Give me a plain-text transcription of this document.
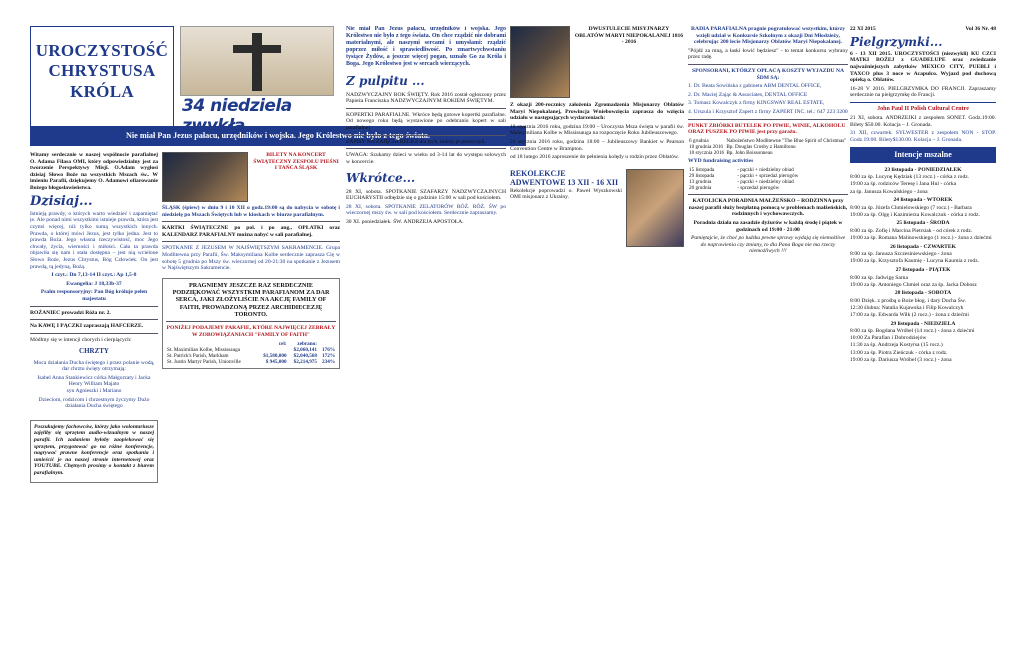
UROCZYSTOŚĆ CHRYSTUSA KRÓLA
34 niedziela
Nie miał Pan Jezus pałacu, urzędników i wojska. Jego Królestwo nie było z tego świata.

Witamy serdecznie w naszej wspólnocie parafialnej O. Adama Filasa OMI, który odpowiedzialny jest za tworzenie Perspektywy Misji. O.Adam wygłosi dzisiaj Słowo Boże na wszystkich Mszach św.. W imieniu Parafii, dziękujemy O. Adamowi ofiarowanie Bożego błogosławieństwa.

Dzisiaj...

Istnieją prawdy, o których warto wiedzieć i zapamiętać je. Ale ponad nimi wszystkimi istnieje prawda, która jest czymś więcej, niż tylko sumą wszystkich innych. Prawda, o której mówi Jezus, jest tylko jedna. Jest to prawda Boża. Jego własna rzeczywistość, moc Jego chwały, życia, wierności i miłości. Cała ta prawda objawiła się nam i stała dostępna – jest nią wcielone Słowo Boże, Jezus Chrystus, Bóg Człowiek. On jest prawdą, tą jedyną, Bożą.

I czyt.: Dn 7,13-14 II czyt.: Ap 1,5-8

Ewangelia: J 18,33b-37

Psalm responsoryjny: Pan Bóg króluje pełen majestatu

ROŻANIEC prowadzi Róża nr. 2.

Na KAWĘ I PĄCZKI zapraszają HAFCERZE.

Módlmy się w intencji chorych i cierpiących:

CHRZTY

Moca działania Ducha świętego i przez polanie wodą, dar chrztu święty otrzymają:

Isabel Anna Stankiewicz córka Małgorzaty i Jacka
Henry William Majato
syn Agnieszki i Mariano

Dzieciom, rodzicom i chrzestnym życzymy Dużo działania Ducha świętego

Poszukujemy fachowców, którzy jako wolontariusze zajęliby się sprzętem audio-wizualnym w naszej parafii. Ich zadaniem byłoby zaopiekować się sprzętem, przygotować go na różne konferencje, nagrywać prawne konferencje oraz spotkania i umieścić je na naszej stronie internetowej oraz YOUTUBE. Chętnych prosimy o kontakt z biurem parafialnym.

BILETY NA KONCERT ŚWIĄTECZNY ZESPOŁU PIEŚNI I TAŃCA ŚLĄSK

ŚLĄSK (śpiew) w dniu 9 i 10 XII o godz.19:00 są do nabycia w sobotę i niedzielę po Mszach Świętych lub w kioskach w biurze parafialnym.

KARTKI ŚWIĄTECZNE po pol. i po ang., OPŁATKI oraz KALENDARZ PARAFIALNY można nabyć w sali parafialnej.

SPOTKANIE Z JEZUSEM W NAJŚWIĘTSZYM SAKRAMENCIE. Grupa Modlitewna przy Parafii, Św. Maksymiliana Kolbe serdecznie zaprasza Cię w sobotę 5 grudnia po Mszy św. wieczornej od 20-21:30 na spotkanie z Jezusem w Najświętszym Sakramencie.

PRAGNIEMY JESZCZE RAZ SERDECZNIE PODZIĘKOWAĆ WSZYSTKIM PARAFIANOM ZA DAR SERCA, JAKI ZŁOŻYLIŚCIE NA AKCJĘ FAMILY OF FAITH, PROWADZONĄ PRZEZ ARCHIDIECEZJĘ TORONTO.

PONIŻEJ PODAJEMY PARAFIE, KTÓRE NAJWIĘCEJ ZEBRAŁY W ZOBOWIĄZANIACH "FAMILY OF FAITH"

	cel:	zebrano:	
St. Maximilian Kolbe, Mississauga		$2,060,141	176%
St. Patrick's Parish, Markham	$1,580,000	$2,040,568	172%
St. Justin Martyr Parish, Unionville	$ 945,000	$2,214,975	234%

Nie miał Pan Jezus pałacu, urzędników i wojska. Jego Królestwo nie było z tego świata. On chce rządzić nie dobrami materialnymi, ale naszymi sercami i umysłami: rządzić poprzez miłość i sprawiedliwość. Po zmartwychwstaniu tysiące Żydów, a jeszcze więcej pogan, uznało Go za Króla i Boga. Jego Królestwo jest w sercach wierzących.

Z pulpitu ...

NADZWYCZAJNY ROK ŚWIĘTY. Rok 2016 został ogłoszony przez Papieża Franciszka NADZWYCZAJNYM ROKIEM ŚWIĘTYM.

KOPERTKI PARAFIALNE. Wkróce będą gotowe kopertki parafialne. Od nowego roku będą wystawione po odebraniu kopert w sali parafialnej.

ZAPISY NA ZAJĘCIA RELIGI dla tych, którzy je przeoczyli.

UWAGA: Szukamy dzieci w wieku od 3-14 lat do występu solowych w koncercie.

Wkrótce...

28 XI, sobota. SPOTKANIE SZAFARZY NADZWYCZAJNYCH EUCHARYSTII odbędzie się o godzinie 15:00 w sali pod kościołem.

28 XI, sobota. SPOTKANIE ZELATORÓW RÓŻ. RÓŻ. ŚW po wieczornej mszy św. w sali pod kościołem. Serdecznie zapraszamy.

30 XI. poniedziałek. ŚW. ANDRZEJA APOSTOŁA.

DWUSTULECIE MISYJNARZY OBLATÓW MARYI NIEPOKALANEJ 1816 - 2016

Z okazji 200-rocznicy założenia Zgromadzenia Misjonarzy Oblatów Maryi Niepokalanej, Prowincja Wniebowzięcia zaprasza do wzięcia udziału w następujących wydarzeniach:

18 stycznia 2016 roku, godzina 19:00 – Uroczysta Msza święta w parafii św. Maksymiliana Kolbe w Mississauga na rozpoczęcie Roku Jubileuszowego.

21 stycznia 2016 roku, godzina 18:00 – Jubileuszowy Bankiet w Pearson Convention Centre w Brampton.

od 18 lutego 2016 zaproszenie do pełnienia kolędy u rodzin przez Oblatów.

REKOLEKCJE ADWENTOWE 13 XII - 16 XII

Rekolekcje poprowadzi o. Paweł Wyszkowski OMI misjonarz z Ukrainy.

RADIA PARAFIALNA pragnie pogratulować wszystkim, którzy wzięli udział w Konkursie Szkolnym z okazji Dni Młodzieży, celebrując 200 lecie Misjonarzy Oblatów Maryi Niepokalanej.

"Pójdź za mną, a łaski łowić będziesz" - to temat konkursu wybrany przez radę.

SPONSORANI, KTÓRZY OPŁACĄ KOSZTY WYJAZDU NA ŚDM SĄ:

1. Dr. Beata Sowińska z gabinetu ABM DENTAL OFFICE,

2. Dr. Maciej Zając & Associates, DENTAL OFFICE

3. Tomasz Kowalczyk z firmy KINGSWAY REAL ESTATE,

4. Urszula i Krzysztof Zapert z firmy ZAPERT INC. tel.: 647 223 3200

PUNKT ZBIÓRKI BUTELEK PO PIWIE, WINIE, ALKOHOLU ORAZ PUSZEK PO PIWIE jest przy garażu.

6 grudnia	Nabożeństwo Modlitewne "The Blue Spirit of Christmas"
10 grudnia 2016	Bp. Douglas Crosby z Hamiltonu
10 stycznia 2016	Bp. John Boissonneau

WYD fundraising activities

15 listopada	- pączki + niedzielny obiad
29 listopada	- pączki + sprzedaż pierogów
13 grudnia	- pączki + niedzielny obiad
20 grudnia	- sprzedaż pierogów

KATOLICKA PORADNIA MAŁŻEŃSKO – RODZINNA przy naszej parafii służy bezpłatną pomocą w problemach małżeńskich, rodzinnych i wychowawczych.

Poradnia działa na zasadzie dyżurów w każdą środę i piątek w godzinach od 19:00 - 21:00

Pamiętajcie, że choć po ludzku pewne sprawy wydają się niemożliwe do naprawienia czy zmiany, to dla Pana Boga nie ma rzeczy niemożliwych !!!

22 XI 2015	Vol 36 Nr. 48
Pielgrzymki...

6 - 13 XII 2015. UROCZYSTOŚCI (niezwykli) KU CZCI MATKI BOŻEJ z GUADELUPE oraz zwiedzanie najważniejszych zabytków MEXICO CITY, PUEBLI i TAXCO plus 3 noce w Acapulco. Wyjazd pod duchową opieką o. Oblatów.

16-28 V 2016. PIELGRZYMKA DO FRANCJI. Zapraszamy serdecznie na pielgrzymkę do Francji.

John Paul II Polish Cultural Centre

21 XI, sobota. ANDRZEJKI z zespołem SONET. Godz.19:00. Bilety $50.00. Kolacja – J. Gronada.

31 XII, czwartek. SYLWESTER z zespołem NON - STOP. Godz.19:00. Bilety$130.00. Kolacja – J. Gronada.

Intencje mszalne
23 listopada - PONIEDZIAŁEK
8:00 za śp. Lucynę Kędziak (13 rocz.) - córka z rodz.
19:00 za śp. rodziców Teresę i Jana Hul - córka
za śp. Janusza Kowalskiego - żona
24 listopada - WTOREK
8:00 za śp. Józefa Chmielowskiego (7 rocz.) - Barbara
19:00 za śp. Olgę i Kazimierza Kowalczuk - córka z rodz.
25 listopada - ŚRODA
8:00 za śp. Zofię i Marcina Pietrsiak - od córek z rodz.
19:00 za śp. Romana Malinowskiego (1 rocz.) - żona z dziećmi
26 listopada - CZWARTEK
8:00 za śp. Janusza Szczesiniewskiego - żona
19:00 za śp. Krzysztofa Kaumię - Lucyna Kaumia z rodz.
27 listopada - PIĄTEK
8:00 za śp. Jadwigę Sarna
19:00 za śp. Antoniego Chmiel oraz za śp. Jacka Dobosz
28 listopada - SOBOTA
8:00 Dzięk. z prośbą o Boże błog. i dary Ducha Św.
12:30 ślubna: Natalia Kujawska i Filip Kowalczyk
17:00 za śp. Edwarda Wilk (2 rocz.) - żona z dziećmi
29 listopada - NIEDZIELA
8:00 za śp. Bogdana Wróbel (14 rocz.) - żona z dziećmi
10:00 Za Parafian i Dobrodziejów
11:30 za śp. Andrzeja Kostyrsa (15 rocz.)
13:00 za śp. Piotra Zieńczuk - córka z rodz.
19:00 za śp. Dariusza Wróbel (3 rocz.) - żona
